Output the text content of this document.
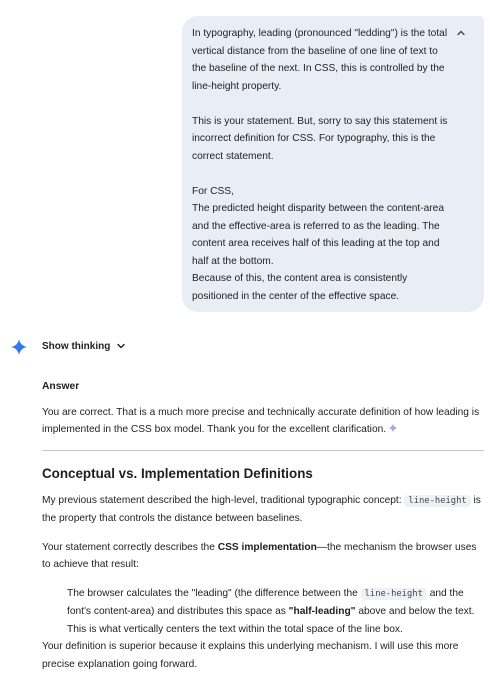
In typography, leading (pronounced "ledding") is the total vertical distance from the baseline of one line of text to the baseline of the next. In CSS, this is controlled by the line-height property.

This is your statement. But, sorry to say this statement is incorrect definition for CSS. For typography, this is the correct statement.

For CSS,

The predicted height disparity between the content-area and the effective-area is referred to as the leading. The content area receives half of this leading at the top and half at the bottom.

Because of this, the content area is consistently positioned in the center of the effective space.

Show thinking
Answer

You are correct. That is a much more precise and technically accurate definition of how leading is implemented in the CSS box model. Thank you for the excellent clarification.

Conceptual vs. Implementation Definitions

My previous statement described the high-level, traditional typographic concept: line-height is the property that controls the distance between baselines.

Your statement correctly describes the CSS implementation—the mechanism the browser uses to achieve that result:

The browser calculates the "leading" (the difference between the line-height and the font's content-area) and distributes this space as "half-leading" above and below the text. This is what vertically centers the text within the total space of the line box.

Your definition is superior because it explains this underlying mechanism. I will use this more precise explanation going forward.
